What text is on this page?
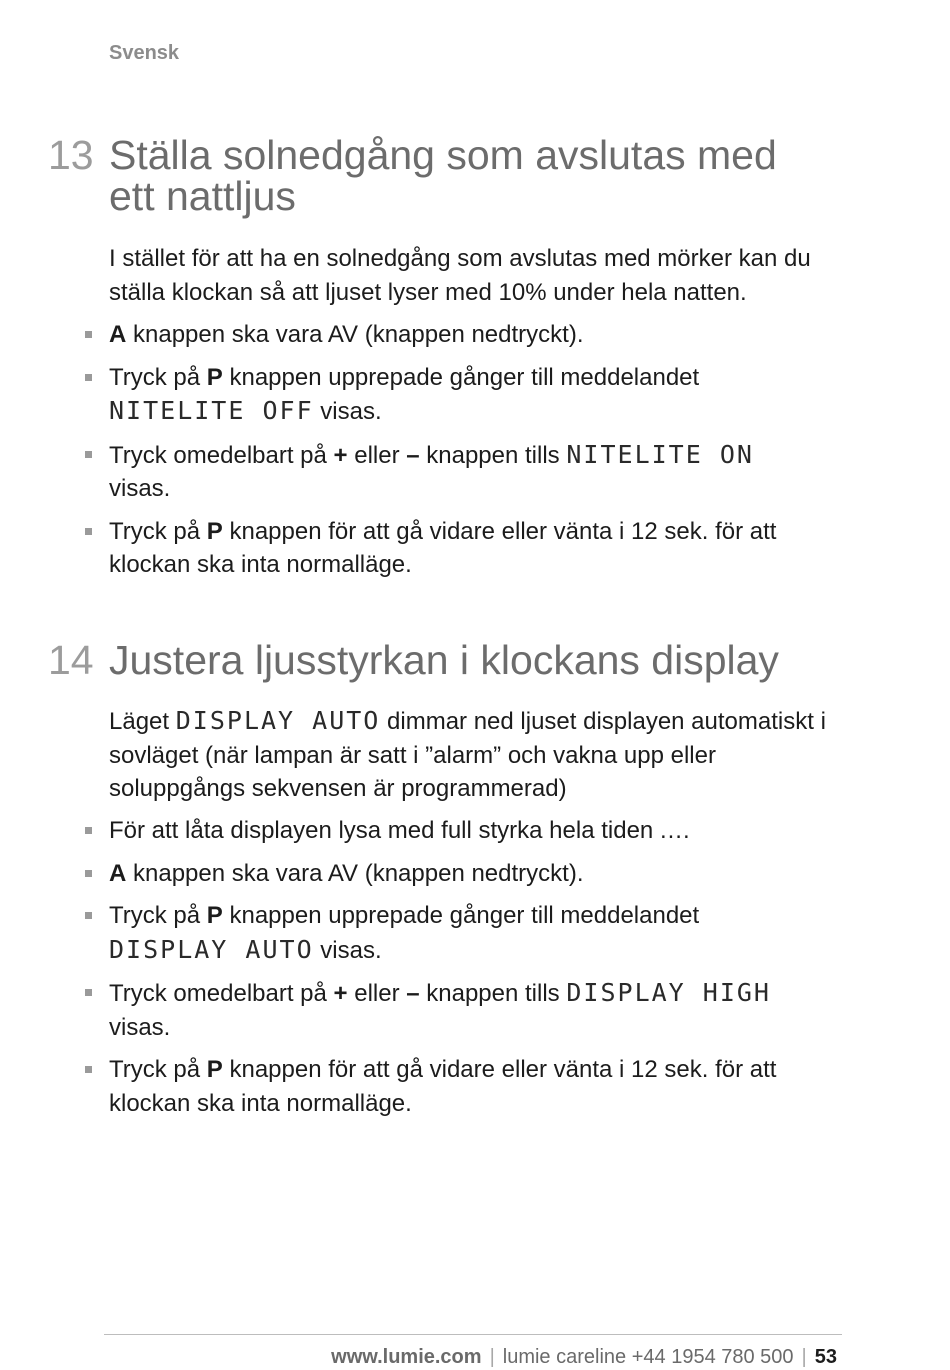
Svensk
13 Ställa solnedgång som avslutas med
ett nattljus

I stället för att ha en solnedgång som avslutas med mörker kan du ställa klockan så att ljuset lyser med 10% under hela natten.

A knappen ska vara AV (knappen nedtryckt).
Tryck på P knappen upprepade gånger till meddelandet
NITELITE OFF visas.
Tryck omedelbart på + eller – knappen tills NITELITE ON
visas.
Tryck på P knappen för att gå vidare eller vänta i 12 sek. för att klockan ska inta normalläge.
14 Justera ljusstyrkan i klockans display

Läget DISPLAY AUTO dimmar ned ljuset displayen automatiskt i sovläget (när lampan är satt i ”alarm” och vakna upp eller soluppgångs sekvensen är programmerad)

För att låta displayen lysa med full styrka hela tiden ....
A knappen ska vara AV (knappen nedtryckt).
Tryck på P knappen upprepade gånger till meddelandet
DISPLAY AUTO visas.
Tryck omedelbart på + eller – knappen tills DISPLAY HIGH
visas.
Tryck på P knappen för att gå vidare eller vänta i 12 sek. för att klockan ska inta normalläge.
www.lumie.com | lumie careline +44 1954 780 500 | 53
